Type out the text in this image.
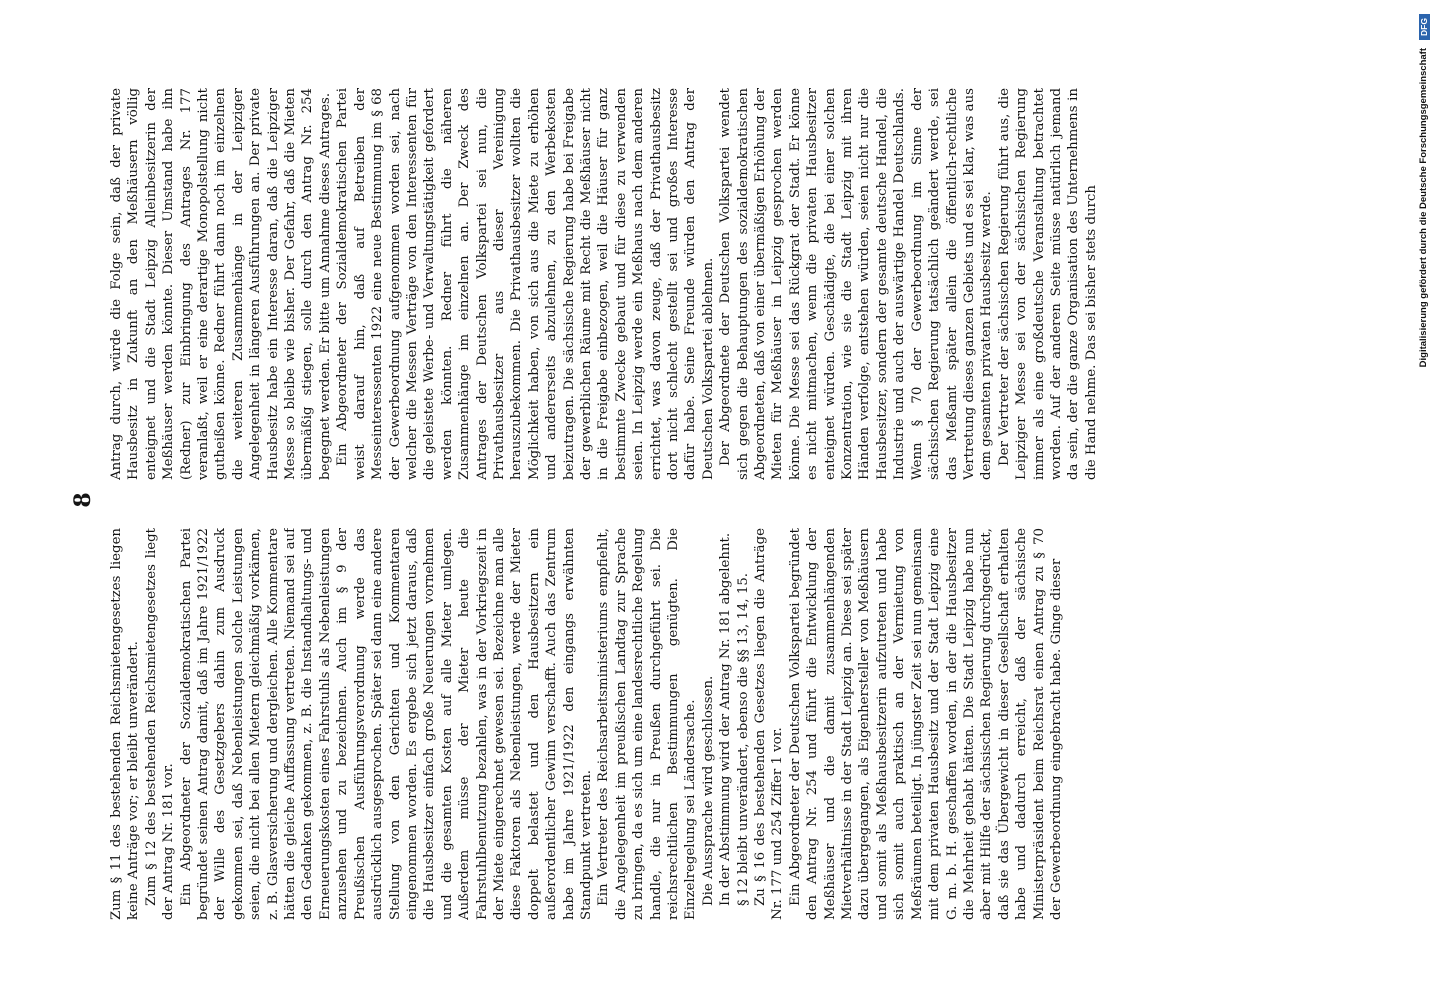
8

Zum § 11 des bestehenden Reichsmietengesetzes liegen keine Anträge vor; er bleibt unverändert. Zum § 12 des bestehenden Reichsmietengesetzes liegt der Antrag Nr. 181 vor. Ein Abgeordneter der Sozialdemokratischen Partei begründet seinen Antrag damit, daß im Jahre 1921/1922 der Wille des Gesetzgebers dahin zum Ausdruck gekommen sei, daß Nebenleistungen solche Leistungen seien, die nicht bei allen Mietern gleichmäßig vorkämen, z. B. Glasversicherung und dergleichen. Alle Kommentare hätten die gleiche Auffassung vertreten. Niemand sei auf den Gedanken gekommen, z. B. die Instandhaltungs- und Erneuerungskosten eines Fahrstuhls als Nebenleistungen anzusehen und zu bezeichnen. Auch im § 9 der Preußischen Ausführungsverordnung werde das ausdrücklich ausgesprochen. Später sei dann eine andere Stellung von den Gerichten und Kommentaren eingenommen worden. Es ergebe sich jetzt daraus, daß die Hausbesitzer einfach große Neuerungen vornehmen und die gesamten Kosten auf alle Mieter umlegen. Außerdem müsse der Mieter heute die Fahrstuhlbenutzung bezahlen, was in der Vorkriegszeit in der Miete eingerechnet gewesen sei. Bezeichne man alle diese Faktoren als Nebenleistungen, werde der Mieter doppelt belastet und den Hausbesitzern ein außerordentlicher Gewinn verschafft. Auch das Zentrum habe im Jahre 1921/1922 den eingangs erwähnten Standpunkt vertreten. Ein Vertreter des Reichsarbeitsministeriums empfiehlt, die Angelegenheit im preußischen Landtag zur Sprache zu bringen, da es sich um eine landesrechtliche Regelung handle, die nur in Preußen durchgeführt sei. Die reichsrechtlichen Bestimmungen genügten. Die Einzelregelung sei Ländersache. Die Aussprache wird geschlossen. In der Abstimmung wird der Antrag Nr. 181 abgelehnt. § 12 bleibt unverändert, ebenso die §§ 13, 14, 15. Zu § 16 des bestehenden Gesetzes liegen die Anträge Nr. 177 und 254 Ziffer 1 vor. Ein Abgeordneter der Deutschen Volkspartei begründet den Antrag Nr. 254 und führt die Entwicklung der Meßhäuser und die damit zusammenhängenden Mietverhältnisse in der Stadt Leipzig an. Diese sei später dazu übergegangen, als Eigenhersteller von Meßhäusern und somit als Meßhausbesitzerin aufzutreten und habe sich somit auch praktisch an der Vermietung von Meßräumen beteiligt. In jüngster Zeit sei nun gemeinsam mit dem privaten Hausbesitz und der Stadt Leipzig eine G. m. b. H. geschaffen worden, in der die Hausbesitzer die Mehrheit gehabt hätten. Die Stadt Leipzig habe nun aber mit Hilfe der sächsischen Regierung durchgedrückt, daß sie das Übergewicht in dieser Gesellschaft erhalten habe und dadurch erreicht, daß der sächsische Ministerpräsident beim Reichsrat einen Antrag zu § 70 der Gewerbeordnung eingebracht habe. Ginge dieser

Antrag durch, würde die Folge sein, daß der private Hausbesitz in Zukunft an den Meßhäusern völlig enteignet und die Stadt Leipzig Alleinbesitzerin der Meßhäuser werden könnte. Dieser Umstand habe ihn (Redner) zur Einbringung des Antrages Nr. 177 veranlaßt, weil er eine derartige Monopolstellung nicht gutheißen könne. Redner führt dann noch im einzelnen die weiteren Zusammenhänge in der Leipziger Angelegenheit in längeren Ausführungen an. Der private Hausbesitz habe ein Interesse daran, daß die Leipziger Messe so bleibe wie bisher. Der Gefahr, daß die Mieten übermäßig stiegen, solle durch den Antrag Nr. 254 begegnet werden. Er bitte um Annahme dieses Antrages. Ein Abgeordneter der Sozialdemokratischen Partei weist darauf hin, daß auf Betreiben der Messeinteressenten 1922 eine neue Bestimmung im § 68 der Gewerbeordnung aufgenommen worden sei, nach welcher die Messen Verträge von den Interessenten für die geleistete Werbe- und Verwaltungstätigkeit gefordert werden könnten. Redner führt die näheren Zusammenhänge im einzelnen an. Der Zweck des Antrages der Deutschen Volkspartei sei nun, die Privathausbesitzer aus dieser Vereinigung herauszubekommen. Die Privathausbesitzer wollten die Möglichkeit haben, von sich aus die Miete zu erhöhen und andererseits abzulehnen, zu den Werbekosten beizutragen. Die sächsische Regierung habe bei Freigabe der gewerblichen Räume mit Recht die Meßhäuser nicht in die Freigabe einbezogen, weil die Häuser für ganz bestimmte Zwecke gebaut und für diese zu verwenden seien. In Leipzig werde ein Meßhaus nach dem anderen errichtet, was davon zeuge, daß der Privathausbesitz dort nicht schlecht gestellt sei und großes Interesse dafür habe. Seine Freunde würden den Antrag der Deutschen Volkspartei ablehnen. Der Abgeordnete der Deutschen Volkspartei wendet sich gegen die Behauptungen des sozialdemokratischen Abgeordneten, daß von einer übermäßigen Erhöhung der Mieten für Meßhäuser in Leipzig gesprochen werden könne. Die Messe sei das Rückgrat der Stadt. Er könne es nicht mitmachen, wenn die privaten Hausbesitzer enteignet würden. Geschädigte, die bei einer solchen Konzentration, wie sie die Stadt Leipzig mit ihren Händen verfolge, entstehen würden, seien nicht nur die Hausbesitzer, sondern der gesamte deutsche Handel, die Industrie und auch der auswärtige Handel Deutschlands. Wenn § 70 der Gewerbeordnung im Sinne der sächsischen Regierung tatsächlich geändert werde, sei das Meßamt später allein die öffentlich-rechtliche Vertretung dieses ganzen Gebiets und es sei klar, was aus dem gesamten privaten Hausbesitz werde. Der Vertreter der sächsischen Regierung führt aus, die Leipziger Messe sei von der sächsischen Regierung immer als eine großdeutsche Veranstaltung betrachtet worden. Auf der anderen Seite müsse natürlich jemand da sein, der die ganze Organisation des Unternehmens in die Hand nehme. Das sei bisher stets durch	Digitalisierung gefördert durch die Deutsche Forschungsgemeinschaft
DFG
